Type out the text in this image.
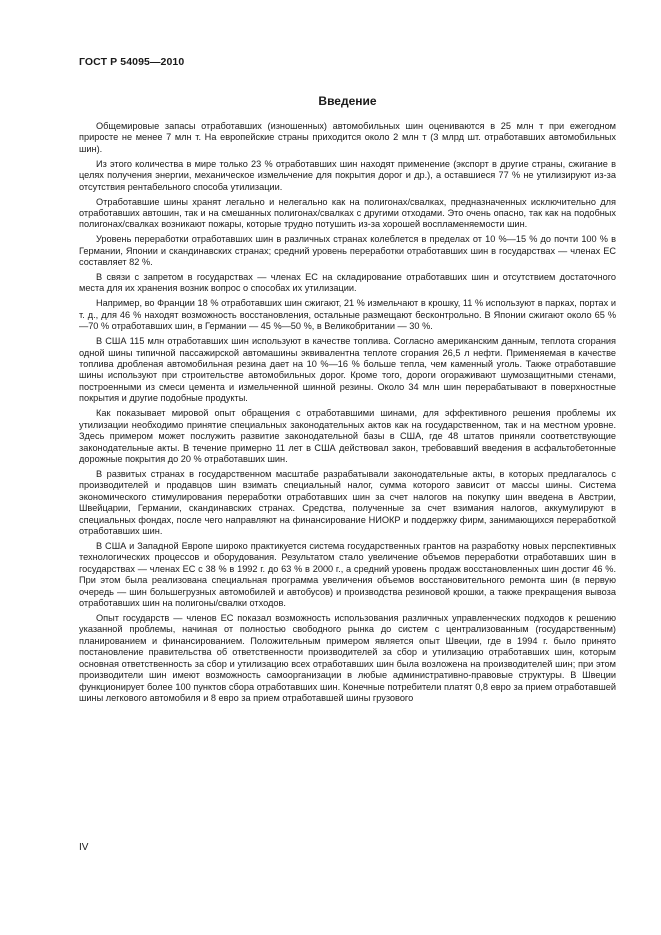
ГОСТ Р 54095—2010
Введение

Общемировые запасы отработавших (изношенных) автомобильных шин оцениваются в 25 млн т при ежегодном приросте не менее 7 млн т. На европейские страны приходится около 2 млн т (3 млрд шт. отработавших автомобильных шин).

Из этого количества в мире только 23 % отработавших шин находят применение (экспорт в другие страны, сжигание в целях получения энергии, механическое измельчение для покрытия дорог и др.), а оставшиеся 77 % не утилизируют из-за отсутствия рентабельного способа утилизации.

Отработавшие шины хранят легально и нелегально как на полигонах/свалках, предназначенных исключительно для отработавших автошин, так и на смешанных полигонах/свалках с другими отходами. Это очень опасно, так как на подобных полигонах/свалках возникают пожары, которые трудно потушить из-за хорошей воспламеняемости шин.

Уровень переработки отработавших шин в различных странах колеблется в пределах от 10 %—15 % до почти 100 % в Германии, Японии и скандинавских странах; средний уровень переработки отработавших шин в государствах — членах ЕС составляет 82 %.

В связи с запретом в государствах — членах ЕС на складирование отработавших шин и отсутствием достаточного места для их хранения возник вопрос о способах их утилизации.

Например, во Франции 18 % отработавших шин сжигают, 21 % измельчают в крошку, 11 % используют в парках, портах и т. д., для 46 % находят возможность восстановления, остальные размещают бесконтрольно. В Японии сжигают около 65 %—70 % отработавших шин, в Германии — 45 %—50 %, в Великобритании — 30 %.

В США 115 млн отработавших шин используют в качестве топлива. Согласно американским данным, теплота сгорания одной шины типичной пассажирской автомашины эквивалентна теплоте сгорания 26,5 л нефти. Применяемая в качестве топлива дробленая автомобильная резина дает на 10 %—16 % больше тепла, чем каменный уголь. Также отработавшие шины используют при строительстве автомобильных дорог. Кроме того, дороги огораживают шумозащитными стенами, построенными из смеси цемента и измельченной шинной резины. Около 34 млн шин перерабатывают в поверхностные покрытия и другие подобные продукты.

Как показывает мировой опыт обращения с отработавшими шинами, для эффективного решения проблемы их утилизации необходимо принятие специальных законодательных актов как на государственном, так и на местном уровне. Здесь примером может послужить развитие законодательной базы в США, где 48 штатов приняли соответствующие законодательные акты. В течение примерно 11 лет в США действовал закон, требовавший введения в асфальтобетонные дорожные покрытия до 20 % отработавших шин.

В развитых странах в государственном масштабе разрабатывали законодательные акты, в которых предлагалось с производителей и продавцов шин взимать специальный налог, сумма которого зависит от массы шины. Система экономического стимулирования переработки отработавших шин за счет налогов на покупку шин введена в Австрии, Швейцарии, Германии, скандинавских странах. Средства, полученные за счет взимания налогов, аккумулируют в специальных фондах, после чего направляют на финансирование НИОКР и поддержку фирм, занимающихся переработкой отработавших шин.

В США и Западной Европе широко практикуется система государственных грантов на разработку новых перспективных технологических процессов и оборудования. Результатом стало увеличение объемов переработки отработавших шин в государствах — членах ЕС с 38 % в 1992 г. до 63 % в 2000 г., а средний уровень продаж восстановленных шин достиг 46 %. При этом была реализована специальная программа увеличения объемов восстановительного ремонта шин (в первую очередь — шин большегрузных автомобилей и автобусов) и производства резиновой крошки, а также прекращения вывоза отработавших шин на полигоны/свалки отходов.

Опыт государств — членов ЕС показал возможность использования различных управленческих подходов к решению указанной проблемы, начиная от полностью свободного рынка до систем с централизованным (государственным) планированием и финансированием. Положительным примером является опыт Швеции, где в 1994 г. было принято постановление правительства об ответственности производителей за сбор и утилизацию отработавших шин, которым основная ответственность за сбор и утилизацию всех отработавших шин была возложена на производителей шин; при этом производители шин имеют возможность самоорганизации в любые административно-правовые структуры. В Швеции функционирует более 100 пунктов сбора отработавших шин. Конечные потребители платят 0,8 евро за прием отработавшей шины легкового автомобиля и 8 евро за прием отработавшей шины грузового

IV
